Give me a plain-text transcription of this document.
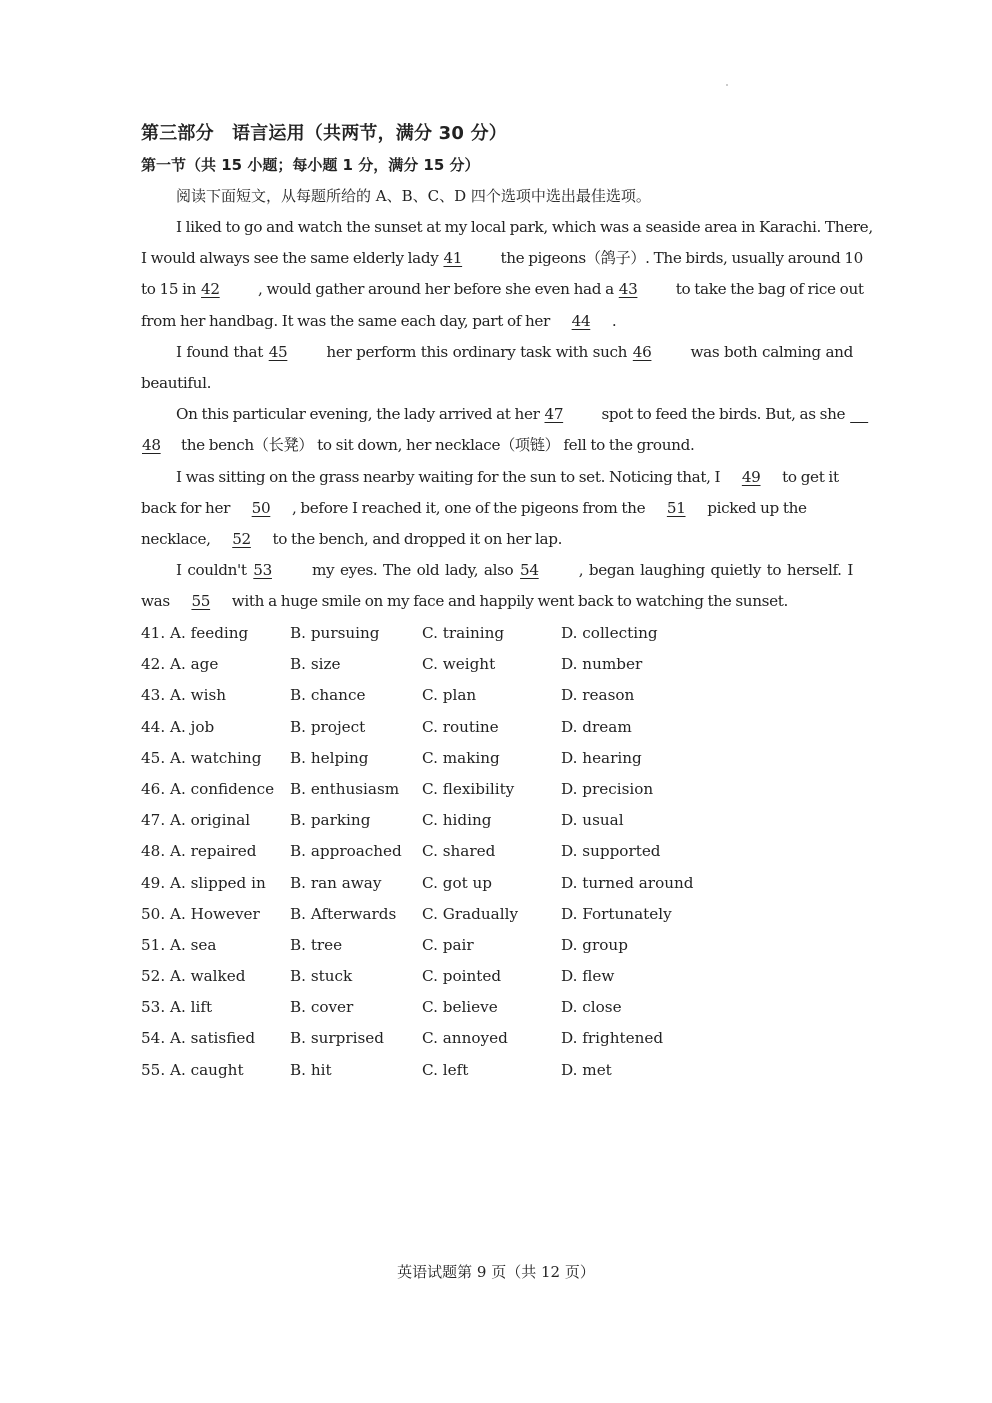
第三部分　语言运用（共两节，满分 30 分）
第一节（共 15 小题；每小题 1 分，满分 15 分）
阅读下面短文，从每题所给的 A、B、C、D 四个选项中选出最佳选项。
I liked to go and watch the sunset at my local park, which was a seaside area in Karachi. There,
I would always see the same elderly lady 41 the pigeons（鸽子）. The birds, usually around 10
to 15 in 42 , would gather around her before she even had a 43 to take the bag of rice out
from her handbag. It was the same each day, part of her 44 .
I found that 45 her perform this ordinary task with such 46 was both calming and
beautiful.
On this particular evening, the lady arrived at her 47 spot to feed the birds. But, as she
48 the bench（长凳） to sit down, her necklace（项链） fell to the ground.
I was sitting on the grass nearby waiting for the sun to set. Noticing that, I 49 to get it
back for her 50 , before I reached it, one of the pigeons from the 51 picked up the
necklace, 52 to the bench, and dropped it on her lap.
I couldn't 53 my eyes. The old lady, also 54 , began laughing quietly to herself. I
was 55 with a huge smile on my face and happily went back to watching the sunset.
41. A. feeding	B. pursuing	C. training	D. collecting
42. A. age	B. size	C. weight	D. number
43. A. wish	B. chance	C. plan	D. reason
44. A. job	B. project	C. routine	D. dream
45. A. watching B. helping	C. making	D. hearing
46. A. confidence B. enthusiasm C. flexibility	D. precision
47. A. original	B. parking	C. hiding	D. usual
48. A. repaired B. approached C. shared	D. supported
49. A. slipped in B. ran away	C. got up	D. turned around
50. A. However B. Afterwards C. Gradually	D. Fortunately
51. A. sea	B. tree	C. pair	D. group
52. A. walked	B. stuck	C. pointed	D. flew
53. A. lift	B. cover	C. believe	D. close
54. A. satisfied B. surprised	C. annoyed	D. frightened
55. A. caught	B. hit	C. left	D. met
英语试题第 9 页（共 12 页）
